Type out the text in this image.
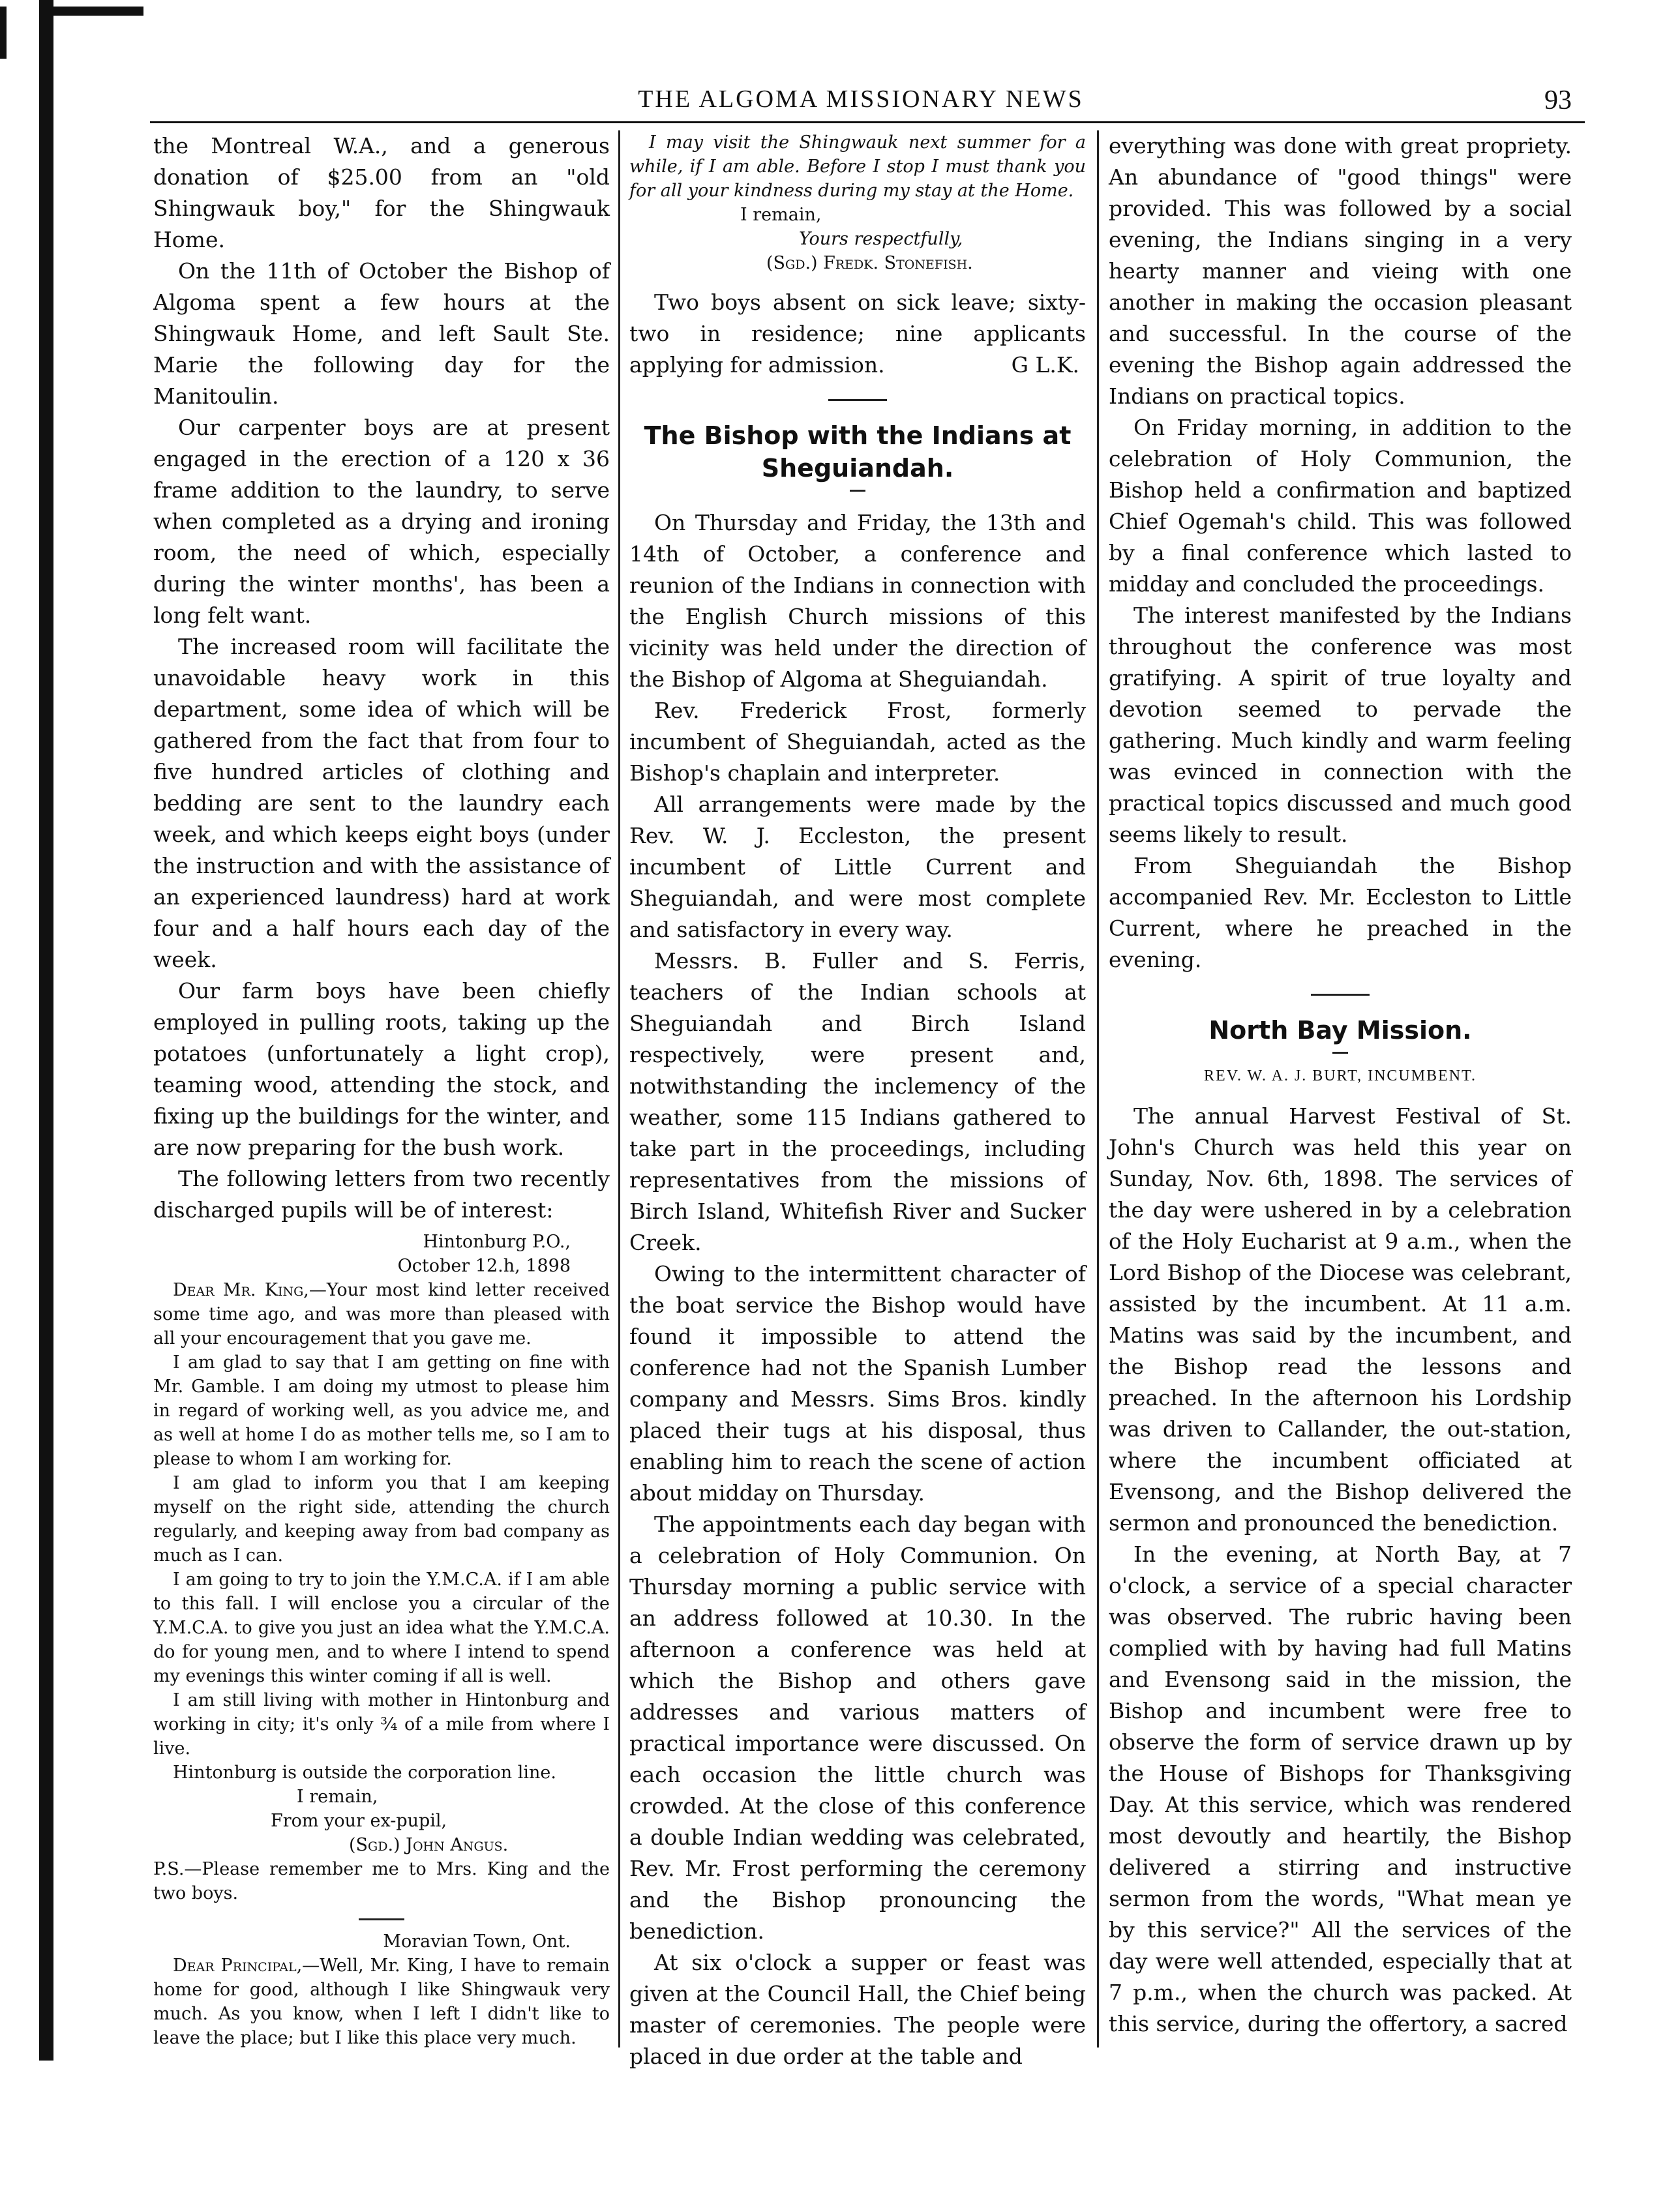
THE ALGOMA MISSIONARY NEWS	93

the Montreal W.A., and a generous donation of $25.00 from an "old Shingwauk boy," for the Shingwauk Home.

On the 11th of October the Bishop of Algoma spent a few hours at the Shingwauk Home, and left Sault Ste. Marie the following day for the Manitoulin.

Our carpenter boys are at present engaged in the erection of a 120 x 36 frame addition to the laundry, to serve when completed as a drying and ironing room, the need of which, especially during the winter months', has been a long felt want.

The increased room will facilitate the unavoidable heavy work in this department, some idea of which will be gathered from the fact that from four to five hundred articles of clothing and bedding are sent to the laundry each week, and which keeps eight boys (under the instruction and with the assistance of an experienced laundress) hard at work four and a half hours each day of the week.

Our farm boys have been chiefly employed in pulling roots, taking up the potatoes (unfortunately a light crop), teaming wood, attending the stock, and fixing up the buildings for the winter, and are now preparing for the bush work.

The following letters from two recently discharged pupils will be of interest:

Hintonburg P.O.,
October 12.h, 1898

Dear Mr. King,—Your most kind letter received some time ago, and was more than pleased with all your encouragement that you gave me.

I am glad to say that I am getting on fine with Mr. Gamble. I am doing my utmost to please him in regard of working well, as you advice me, and as well at home I do as mother tells me, so I am to please to whom I am working for.

I am glad to inform you that I am keeping myself on the right side, attending the church regularly, and keeping away from bad company as much as I can.

I am going to try to join the Y.M.C.A. if I am able to this fall. I will enclose you a circular of the Y.M.C.A. to give you just an idea what the Y.M.C.A. do for young men, and to where I intend to spend my evenings this winter coming if all is well.

I am still living with mother in Hintonburg and working in city; it's only ¾ of a mile from where I live.

Hintonburg is outside the corporation line.

I remain,
From your ex-pupil,
(Sgd.) John Angus.

P.S.—Please remember me to Mrs. King and the two boys.

Moravian Town, Ont.

Dear Principal,—Well, Mr. King, I have to remain home for good, although I like Shingwauk very much. As you know, when I left I didn't like to leave the place; but I like this place very much.

I may visit the Shingwauk next summer for a while, if I am able. Before I stop I must thank you for all your kindness during my stay at the Home.

I remain,
Yours respectfully,
(Sgd.) Fredk. Stonefish.

Two boys absent on sick leave; sixty-two in residence; nine applicants applying for admission.	G L.K.

The Bishop with the Indians at Sheguiandah.

On Thursday and Friday, the 13th and 14th of October, a conference and reunion of the Indians in connection with the English Church missions of this vicinity was held under the direction of the Bishop of Algoma at Sheguiandah.

Rev. Frederick Frost, formerly incumbent of Sheguiandah, acted as the Bishop's chaplain and interpreter.

All arrangements were made by the Rev. W. J. Eccleston, the present incumbent of Little Current and Sheguiandah, and were most complete and satisfactory in every way.

Messrs. B. Fuller and S. Ferris, teachers of the Indian schools at Sheguiandah and Birch Island respectively, were present and, notwithstanding the inclemency of the weather, some 115 Indians gathered to take part in the proceedings, including representatives from the missions of Birch Island, Whitefish River and Sucker Creek.

Owing to the intermittent character of the boat service the Bishop would have found it impossible to attend the conference had not the Spanish Lumber company and Messrs. Sims Bros. kindly placed their tugs at his disposal, thus enabling him to reach the scene of action about midday on Thursday.

The appointments each day began with a celebration of Holy Communion. On Thursday morning a public service with an address followed at 10.30. In the afternoon a conference was held at which the Bishop and others gave addresses and various matters of practical importance were discussed. On each occasion the little church was crowded. At the close of this conference a double Indian wedding was celebrated, Rev. Mr. Frost performing the ceremony and the Bishop pronouncing the benediction.

At six o'clock a supper or feast was given at the Council Hall, the Chief being master of ceremonies. The people were placed in due order at the table and

everything was done with great propriety. An abundance of "good things" were provided. This was followed by a social evening, the Indians singing in a very hearty manner and vieing with one another in making the occasion pleasant and successful. In the course of the evening the Bishop again addressed the Indians on practical topics.

On Friday morning, in addition to the celebration of Holy Communion, the Bishop held a confirmation and baptized Chief Ogemah's child. This was followed by a final conference which lasted to midday and concluded the proceedings.

The interest manifested by the Indians throughout the conference was most gratifying. A spirit of true loyalty and devotion seemed to pervade the gathering. Much kindly and warm feeling was evinced in connection with the practical topics discussed and much good seems likely to result.

From Sheguiandah the Bishop accompanied Rev. Mr. Eccleston to Little Current, where he preached in the evening.

North Bay Mission.
REV. W. A. J. BURT, INCUMBENT.

The annual Harvest Festival of St. John's Church was held this year on Sunday, Nov. 6th, 1898. The services of the day were ushered in by a celebration of the Holy Eucharist at 9 a.m., when the Lord Bishop of the Diocese was celebrant, assisted by the incumbent. At 11 a.m. Matins was said by the incumbent, and the Bishop read the lessons and preached. In the afternoon his Lordship was driven to Callander, the out-station, where the incumbent officiated at Evensong, and the Bishop delivered the sermon and pronounced the benediction.

In the evening, at North Bay, at 7 o'clock, a service of a special character was observed. The rubric having been complied with by having had full Matins and Evensong said in the mission, the Bishop and incumbent were free to observe the form of service drawn up by the House of Bishops for Thanksgiving Day. At this service, which was rendered most devoutly and heartily, the Bishop delivered a stirring and instructive sermon from the words, "What mean ye by this service?" All the services of the day were well attended, especially that at 7 p.m., when the church was packed. At this service, during the offertory, a sacred
